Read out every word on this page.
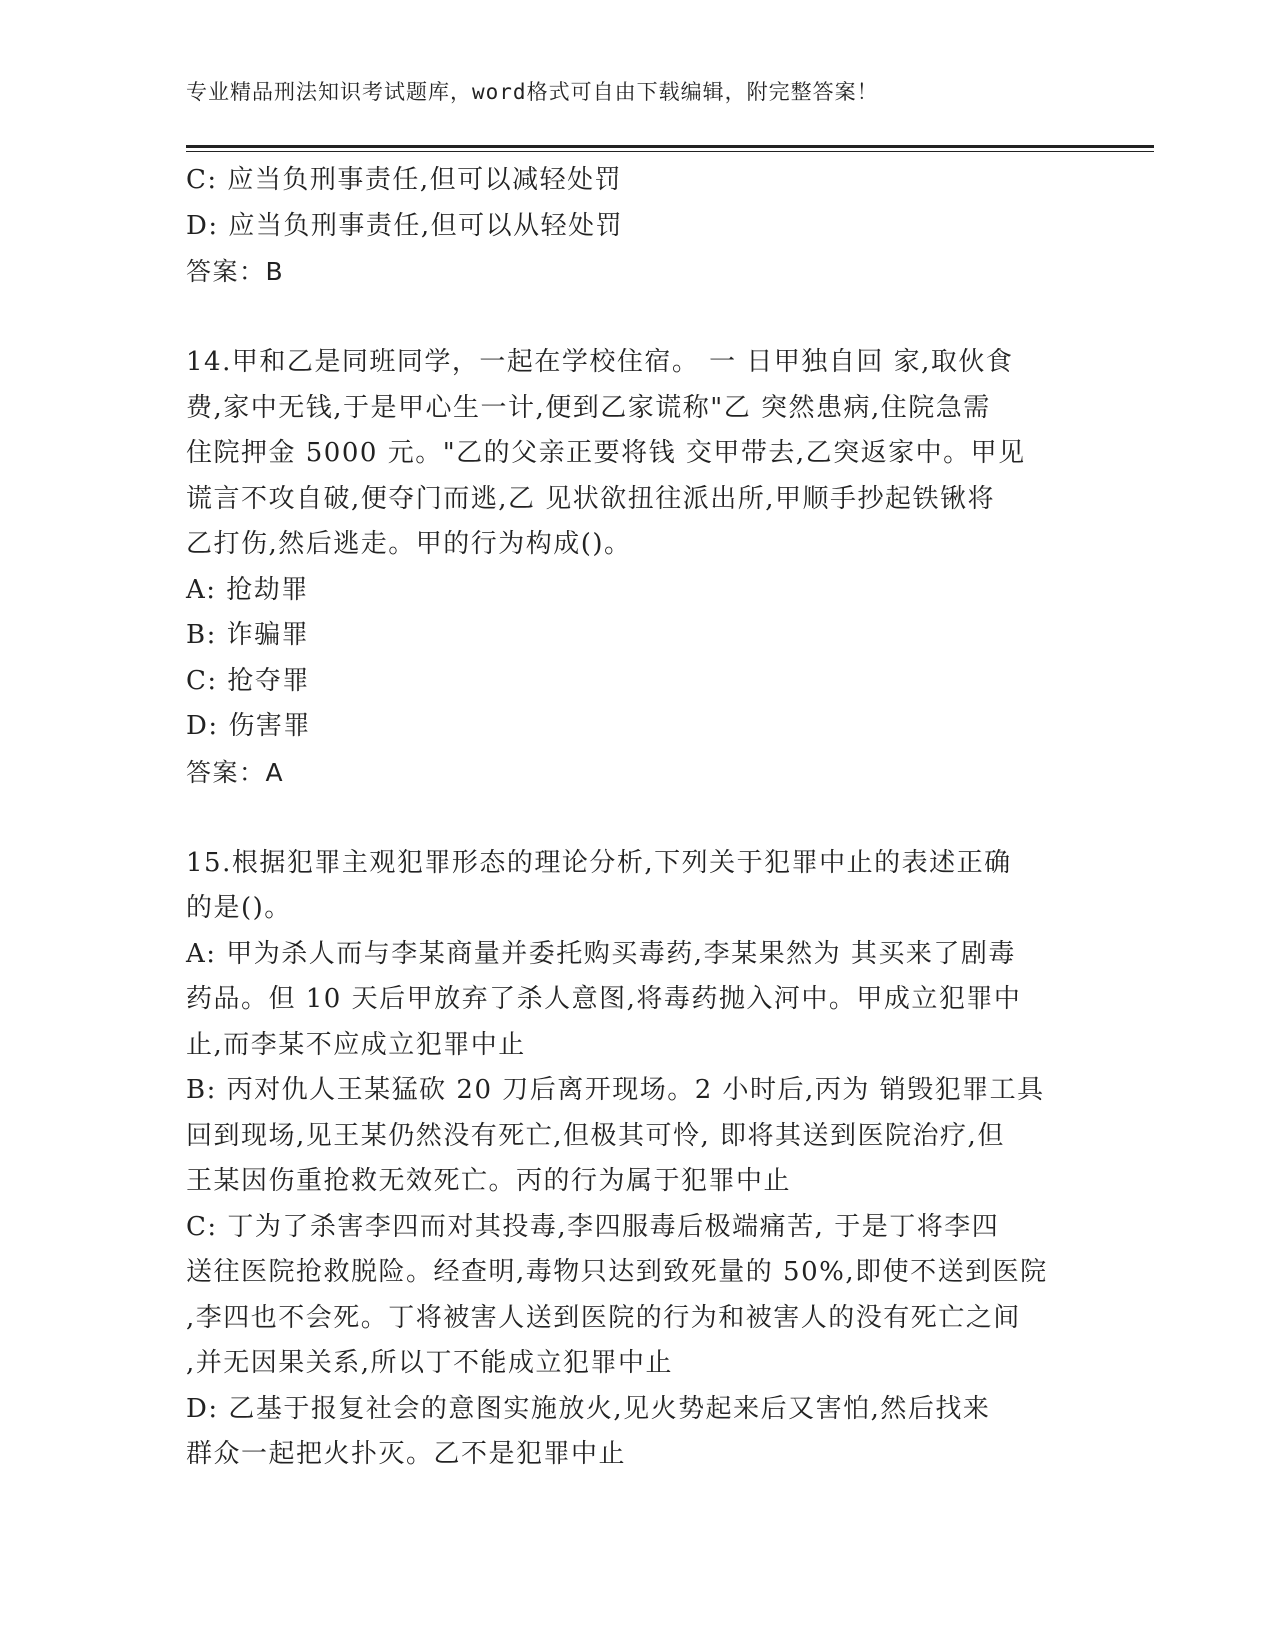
专业精品刑法知识考试题库，word格式可自由下载编辑，附完整答案！
C: 应当负刑事责任,但可以减轻处罚
D: 应当负刑事责任,但可以从轻处罚
答案：B
14.甲和乙是同班同学，一起在学校住宿。 一 日甲独自回 家,取伙食
费,家中无钱,于是甲心生一计,便到乙家谎称"乙 突然患病,住院急需
住院押金 5000 元。"乙的父亲正要将钱 交甲带去,乙突返家中。甲见
谎言不攻自破,便夺门而逃,乙 见状欲扭往派出所,甲顺手抄起铁锹将
乙打伤,然后逃走。甲的行为构成()。
A: 抢劫罪
B: 诈骗罪
C: 抢夺罪
D: 伤害罪
答案：A
15.根据犯罪主观犯罪形态的理论分析,下列关于犯罪中止的表述正确
的是()。
A: 甲为杀人而与李某商量并委托购买毒药,李某果然为 其买来了剧毒
药品。但 10 天后甲放弃了杀人意图,将毒药抛入河中。甲成立犯罪中
止,而李某不应成立犯罪中止
B: 丙对仇人王某猛砍 20 刀后离开现场。2 小时后,丙为 销毁犯罪工具
回到现场,见王某仍然没有死亡,但极其可怜, 即将其送到医院治疗,但
王某因伤重抢救无效死亡。丙的行为属于犯罪中止
C: 丁为了杀害李四而对其投毒,李四服毒后极端痛苦, 于是丁将李四
送往医院抢救脱险。经查明,毒物只达到致死量的 50%,即使不送到医院
,李四也不会死。丁将被害人送到医院的行为和被害人的没有死亡之间
,并无因果关系,所以丁不能成立犯罪中止
D: 乙基于报复社会的意图实施放火,见火势起来后又害怕,然后找来
群众一起把火扑灭。乙不是犯罪中止
